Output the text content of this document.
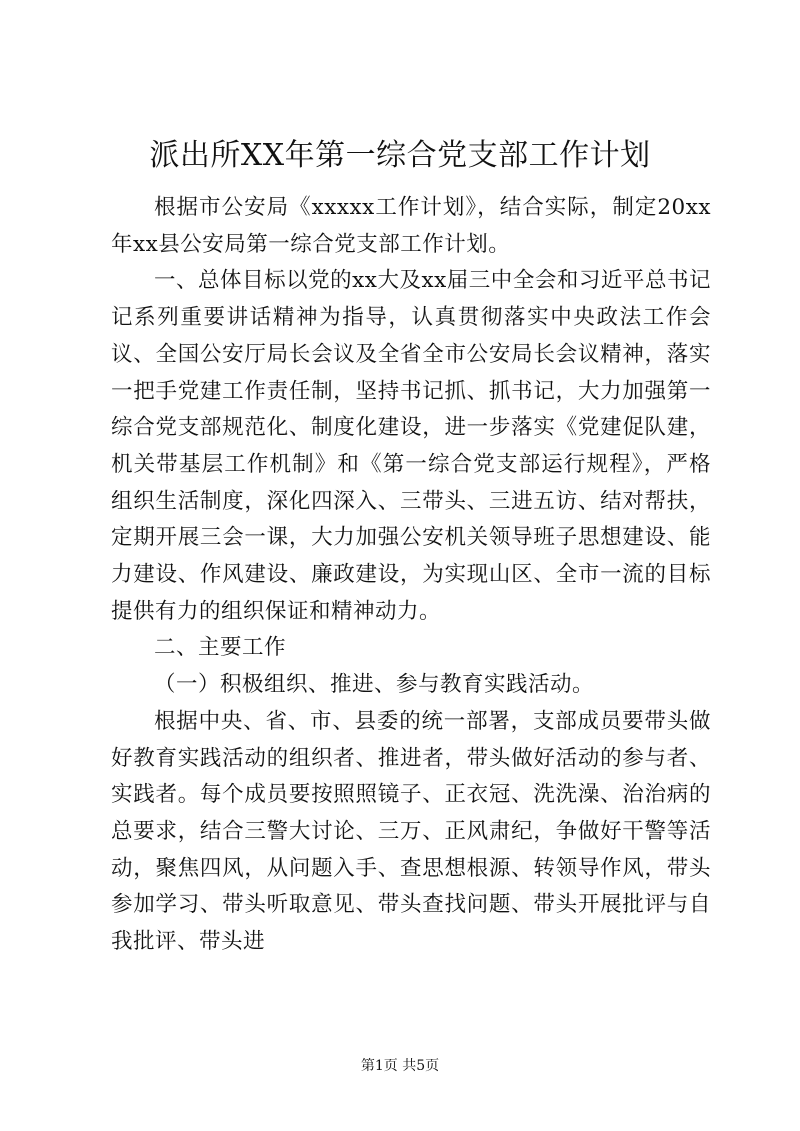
派出所XX年第一综合党支部工作计划

根据市公安局《xxxxx工作计划》，结合实际，制定20xx年xx县公安局第一综合党支部工作计划。

一、总体目标以党的xx大及xx届三中全会和习近平总书记记系列重要讲话精神为指导，认真贯彻落实中央政法工作会议、全国公安厅局长会议及全省全市公安局长会议精神，落实一把手党建工作责任制，坚持书记抓、抓书记，大力加强第一综合党支部规范化、制度化建设，进一步落实《党建促队建，机关带基层工作机制》和《第一综合党支部运行规程》，严格组织生活制度，深化四深入、三带头、三进五访、结对帮扶，定期开展三会一课，大力加强公安机关领导班子思想建设、能力建设、作风建设、廉政建设，为实现山区、全市一流的目标提供有力的组织保证和精神动力。

二、主要工作

（一）积极组织、推进、参与教育实践活动。

根据中央、省、市、县委的统一部署，支部成员要带头做好教育实践活动的组织者、推进者，带头做好活动的参与者、实践者。每个成员要按照照镜子、正衣冠、洗洗澡、治治病的总要求，结合三警大讨论、三万、正风肃纪，争做好干警等活动，聚焦四风，从问题入手、查思想根源、转领导作风，带头参加学习、带头听取意见、带头查找问题、带头开展批评与自我批评、带头进

第1页 共5页
